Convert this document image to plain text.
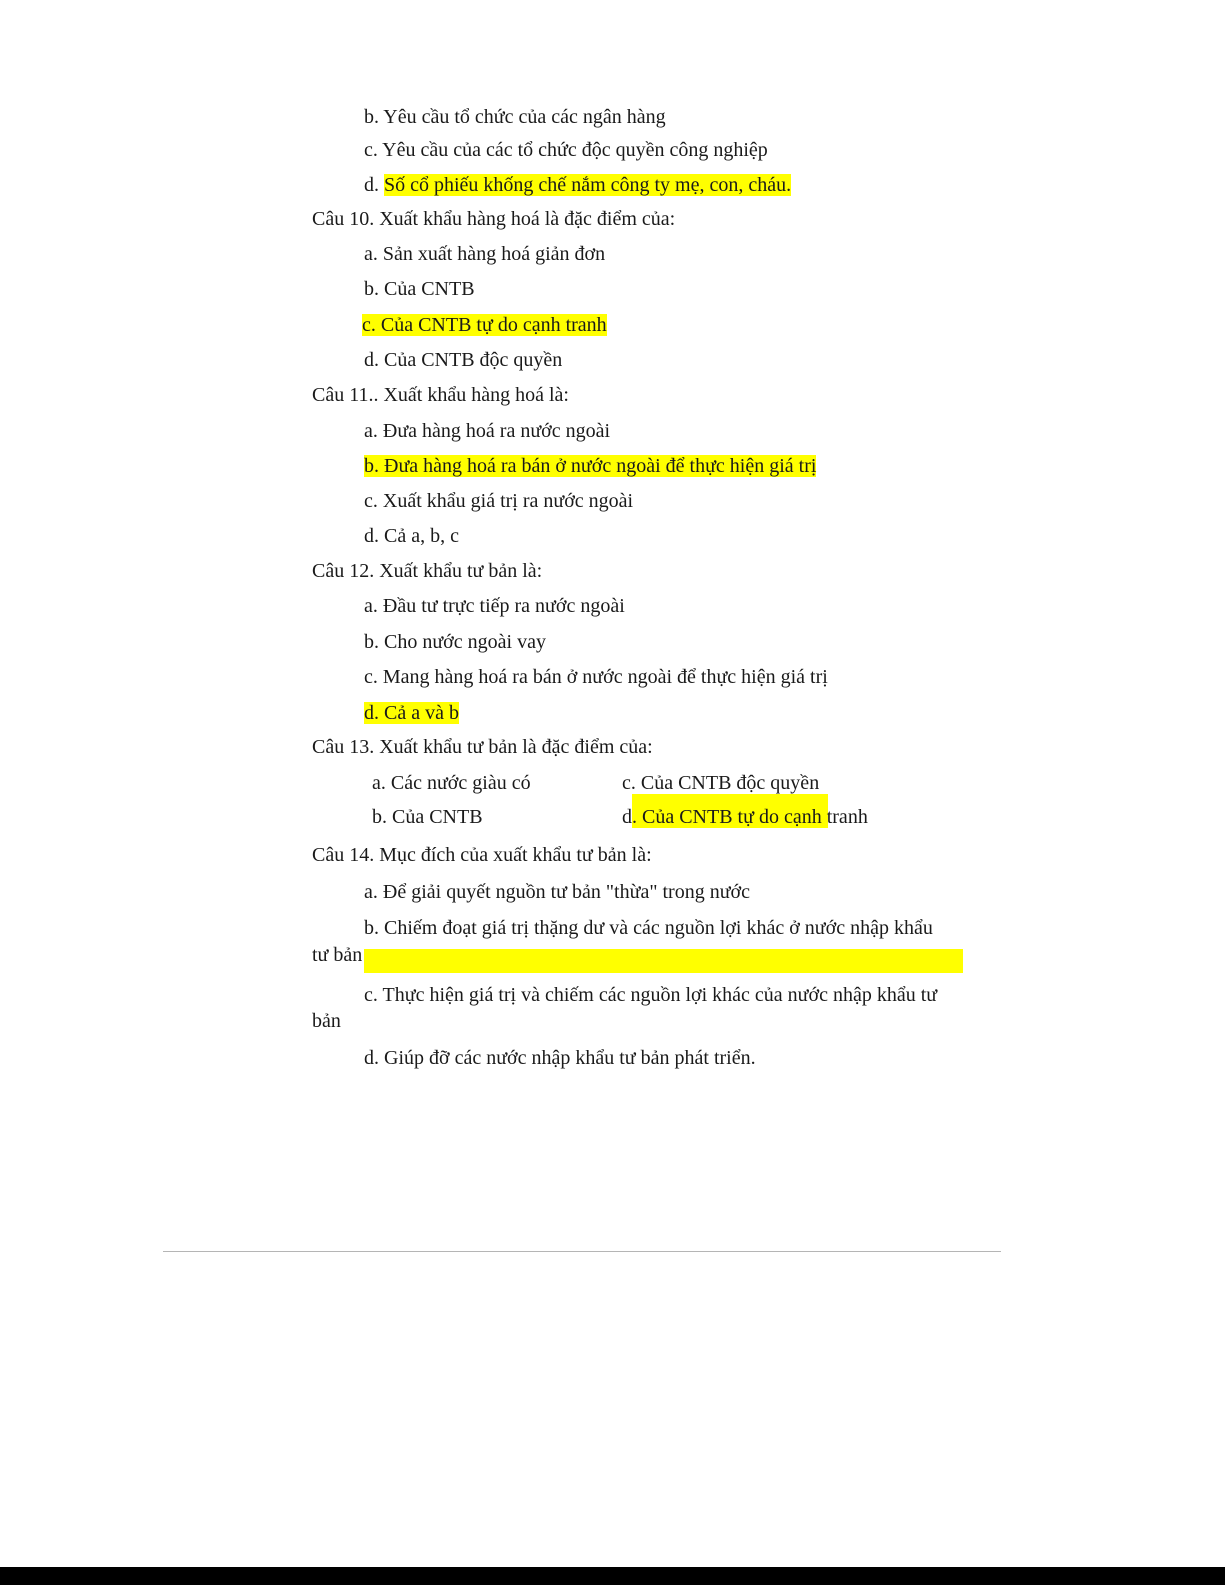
b. Yêu cầu tổ chức của các ngân hàng
c. Yêu cầu của các tổ chức độc quyền công nghiệp
d. Số cổ phiếu khống chế nắm công ty mẹ, con, cháu.
Câu 10. Xuất khẩu hàng hoá là đặc điểm của:
a. Sản xuất hàng hoá giản đơn
b. Của CNTB
c. Của CNTB tự do cạnh tranh
d. Của CNTB độc quyền
Câu 11.. Xuất khẩu hàng hoá là:
a. Đưa hàng hoá ra nước ngoài
b. Đưa hàng hoá ra bán ở nước ngoài để thực hiện giá trị
c. Xuất khẩu giá trị ra nước ngoài
d. Cả a, b, c
Câu 12. Xuất khẩu tư bản là:
a. Đầu tư trực tiếp ra nước ngoài
b. Cho nước ngoài vay
c. Mang hàng hoá ra bán ở nước ngoài để thực hiện giá trị
d. Cả a và b
Câu 13. Xuất khẩu tư bản là đặc điểm của:
a. Các nước giàu có	c. Của CNTB độc quyền
b. Của CNTB	d. Của CNTB tự do cạnh tranh
Câu 14. Mục đích của xuất khẩu tư bản là:
a. Để giải quyết nguồn tư bản "thừa" trong nước
b. Chiếm đoạt giá trị thặng dư và các nguồn lợi khác ở nước nhập khẩu
tư bản
c. Thực hiện giá trị và chiếm các nguồn lợi khác của nước nhập khẩu tư
bản
d. Giúp đỡ các nước nhập khẩu tư bản phát triển.
